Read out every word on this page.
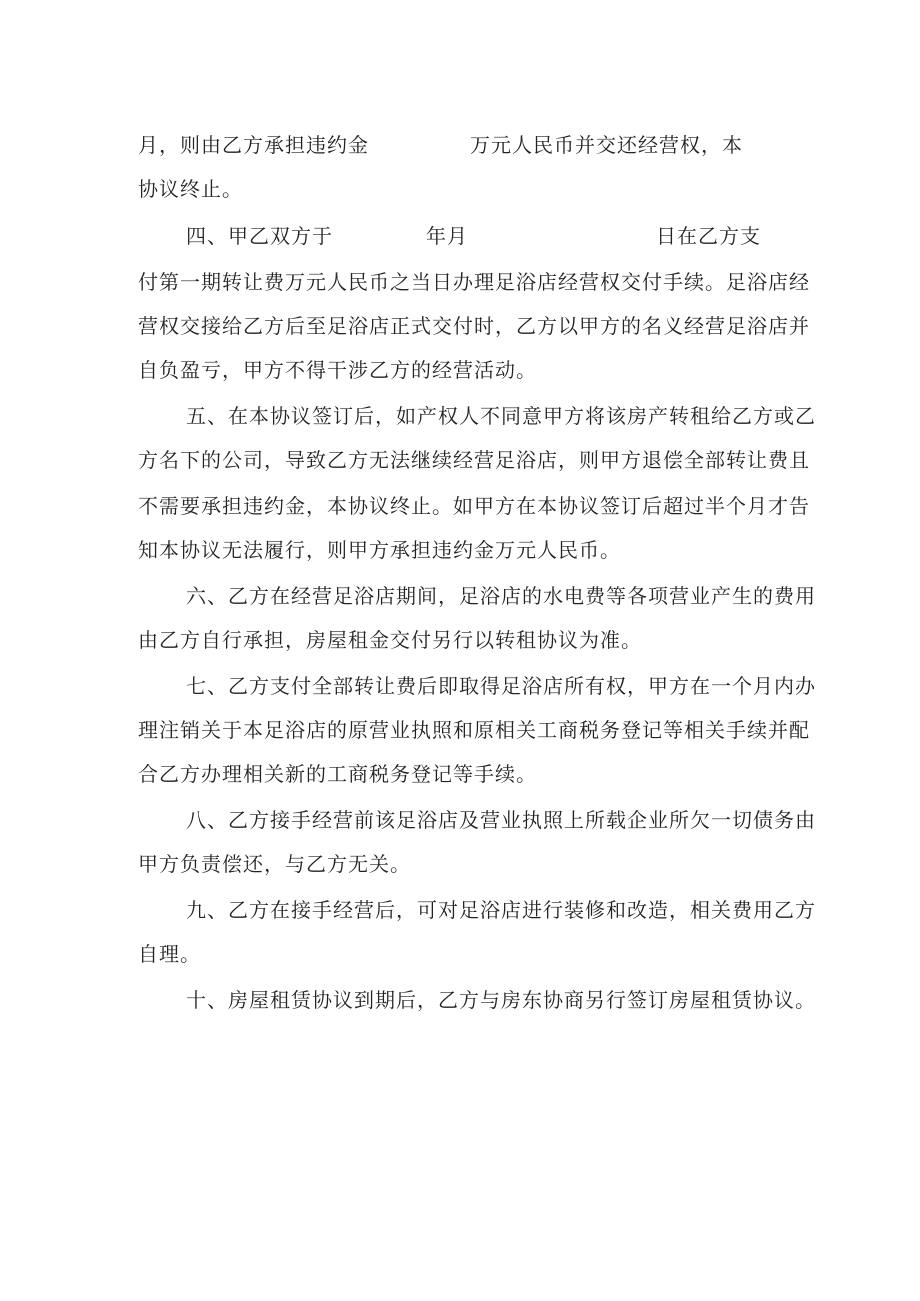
月，则由乙方承担违约金	万元人民币并交还经营权，本

协议终止。

四、甲乙双方于	年月	日在乙方支

付第一期转让费万元人民币之当日办理足浴店经营权交付手续。足浴店经

营权交接给乙方后至足浴店正式交付时，乙方以甲方的名义经营足浴店并

自负盈亏，甲方不得干涉乙方的经营活动。

五、在本协议签订后，如产权人不同意甲方将该房产转租给乙方或乙

方名下的公司，导致乙方无法继续经营足浴店，则甲方退偿全部转让费且

不需要承担违约金，本协议终止。如甲方在本协议签订后超过半个月才告

知本协议无法履行，则甲方承担违约金万元人民币。

六、乙方在经营足浴店期间，足浴店的水电费等各项营业产生的费用

由乙方自行承担，房屋租金交付另行以转租协议为准。

七、乙方支付全部转让费后即取得足浴店所有权，甲方在一个月内办

理注销关于本足浴店的原营业执照和原相关工商税务登记等相关手续并配

合乙方办理相关新的工商税务登记等手续。

八、乙方接手经营前该足浴店及营业执照上所载企业所欠一切债务由

甲方负责偿还，与乙方无关。

九、乙方在接手经营后，可对足浴店进行装修和改造，相关费用乙方

自理。

十、房屋租赁协议到期后，乙方与房东协商另行签订房屋租赁协议。
